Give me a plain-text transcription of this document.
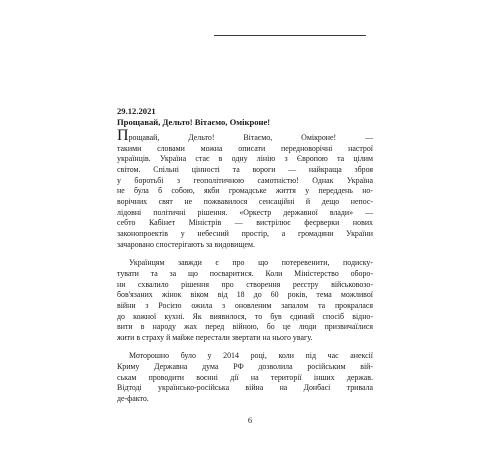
29.12.2021

Прощавай, Дельто! Вітаємо, Омікроне!

Прощавай, Дельто! Вітаємо, Омікроне! —
такими словами можна описати передноворічні настрої
українців. Україна стає в одну лінію з Європою та цілим
світом. Спільні цінності та вороги — найкраща зброя
у боротьбі з геополітичною самотністю! Однак Україна
не була б собою, якби громадське життя у переддень но-
ворічних свят не пожвавилося сенсаційні й дещо непос-
лідовні політичні рішення. «Оркестр державної влади» —
себто Кабінет Міністрів — вистрілює феєрверки нових
законопроектів у небесний простір, а громадяни України
зачаровано спостерігають за видовищем.
Українцям завжди є про що потеревенити, подиску-
тувати та за що посваритися. Коли Міністерство оборо-
ни схвалило рішення про створення реєстру військовозо-
бов'язаних жінок віком від 18 до 60 років, тема можливої
війни з Росією ожила з оновленим запалом та прокралася
до кожної кухні. Як виявилося, то був єдиний спосіб відно-
вити в народу жах перед війною, бо це люди призвичаїлися
жити в страху й майже перестали звертати на нього увагу.
Моторошно було у 2014 році, коли під час анексії
Криму Державна дума РФ дозволила російським вій-
ськам проводити воєнні дії на території інших держав.
Відтоді українсько-російська війна на Донбасі тривала
де-факто.
6
